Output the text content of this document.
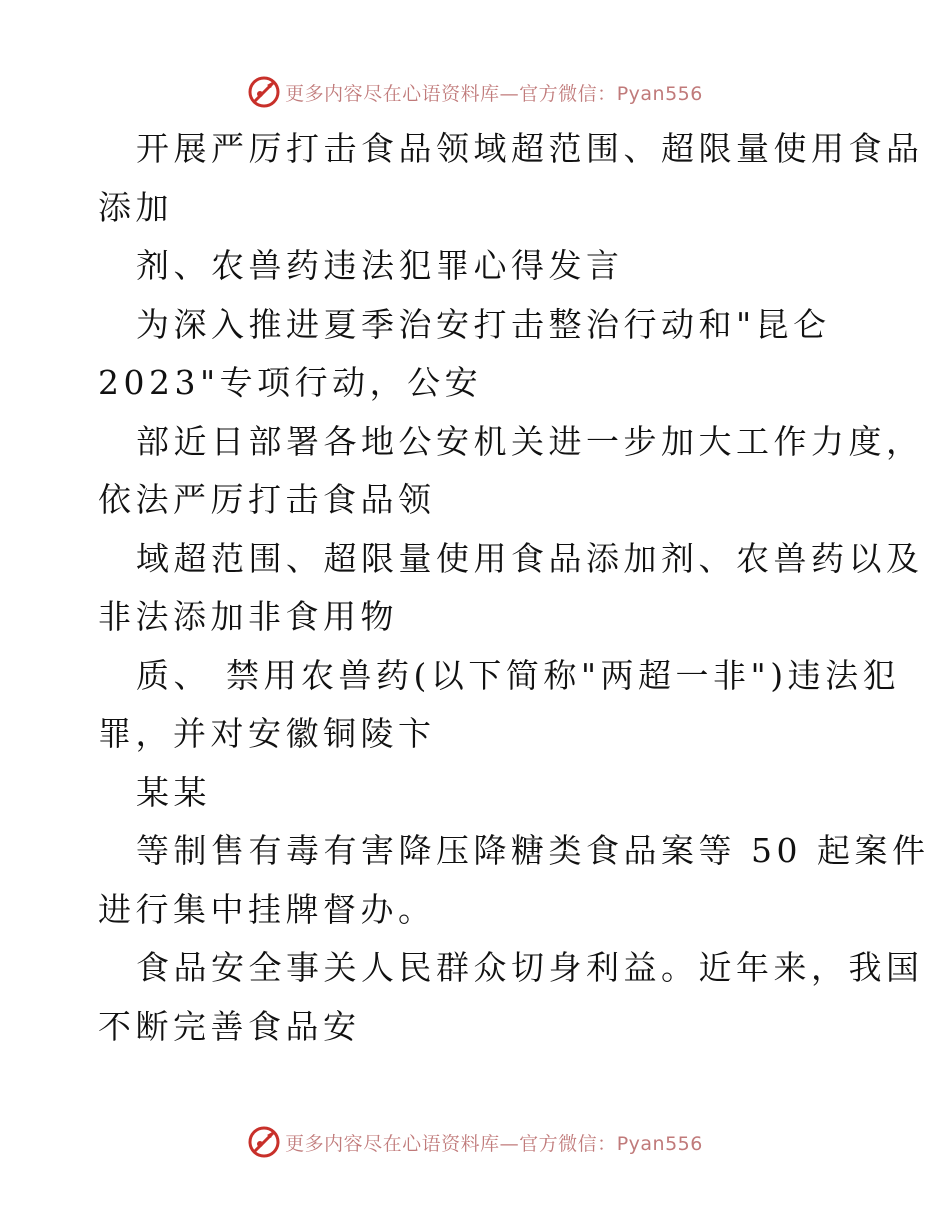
更多内容尽在心语资料库—官方微信：Pyan556

开展严厉打击食品领域超范围、超限量使用食品
添加

剂、农兽药违法犯罪心得发言

为深入推进夏季治安打击整治行动和"昆仑
2023"专项行动，公安

部近日部署各地公安机关进一步加大工作力度，
依法严厉打击食品领

域超范围、超限量使用食品添加剂、农兽药以及
非法添加非食用物

质、 禁用农兽药(以下简称"两超一非")违法犯
罪，并对安徽铜陵卞

某某

等制售有毒有害降压降糖类食品案等 50 起案件
进行集中挂牌督办。

食品安全事关人民群众切身利益。近年来，我国
不断完善食品安

更多内容尽在心语资料库—官方微信：Pyan556
